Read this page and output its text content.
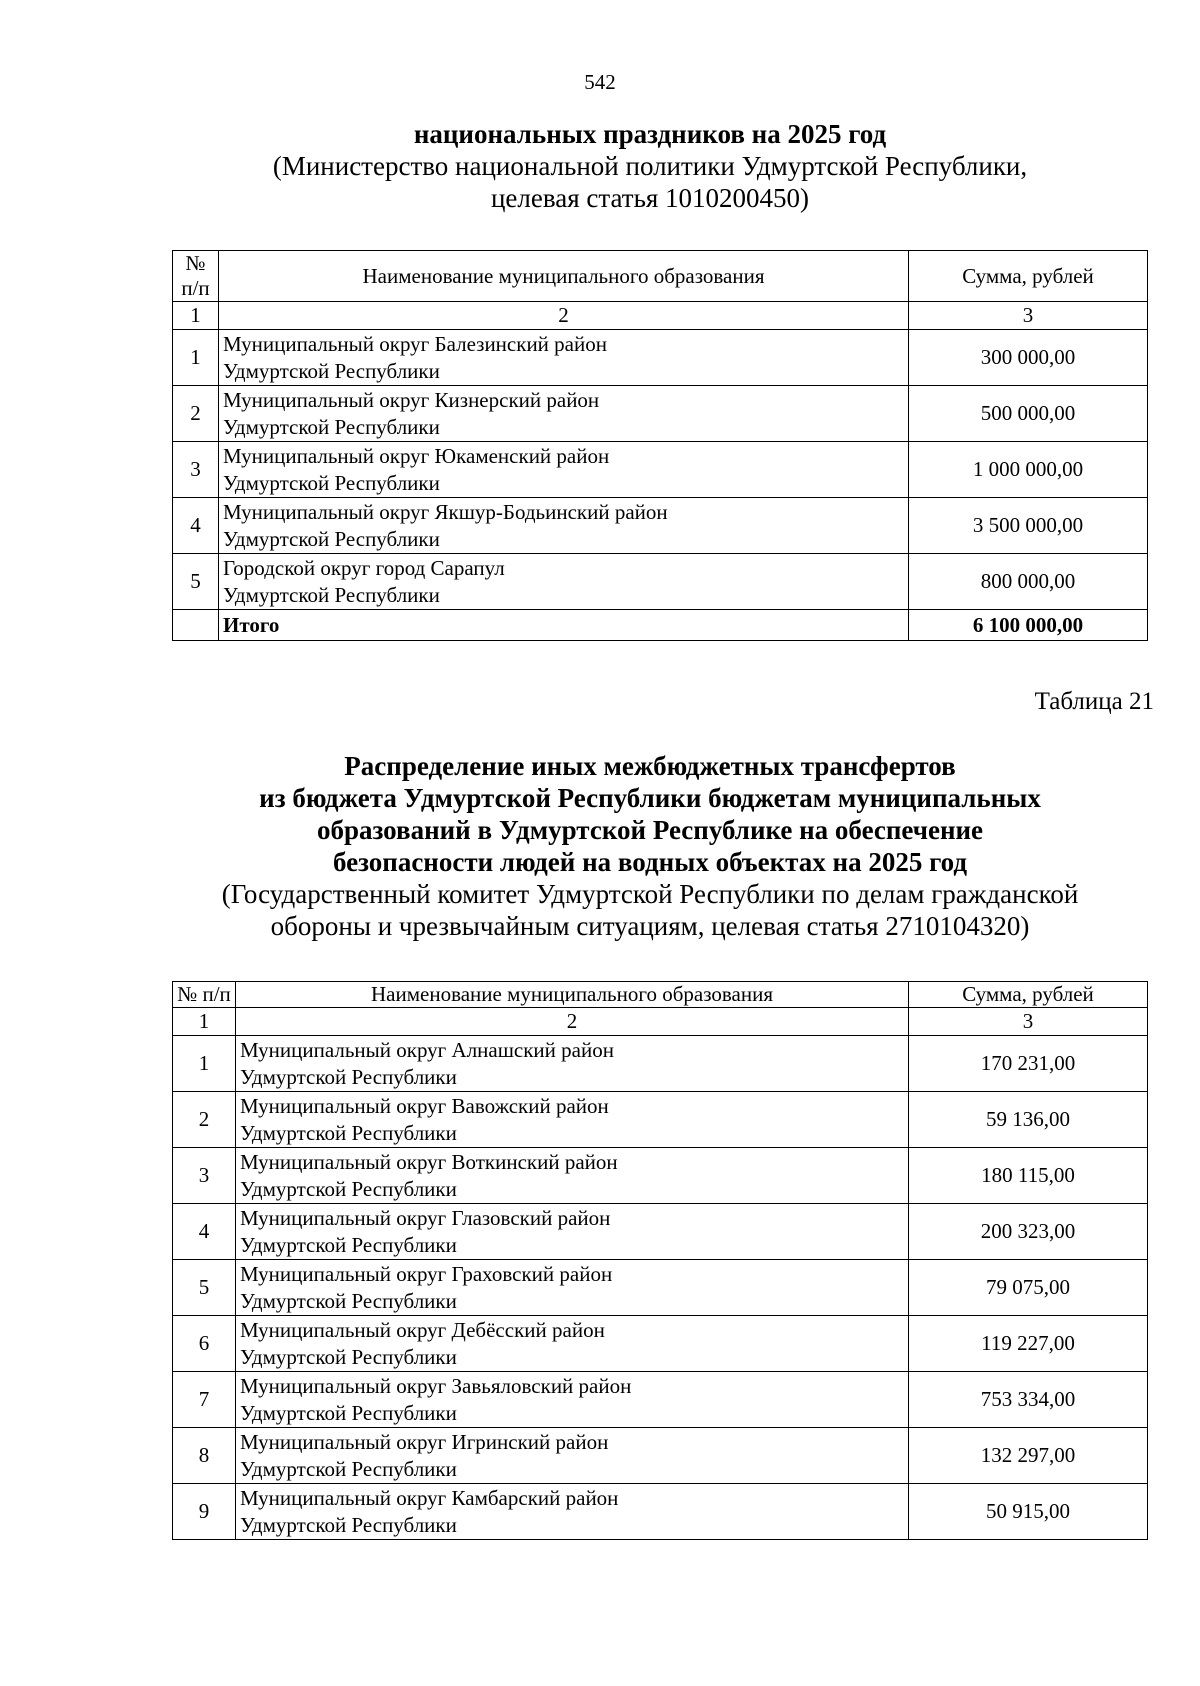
542
национальных праздников на 2025 год
(Министерство национальной политики Удмуртской Республики,
целевая статья 1010200450)
№ п/п	Наименование муниципального образования	Сумма, рублей
1	2	3
1	Муниципальный округ Балезинский район
Удмуртской Республики	300 000,00
2	Муниципальный округ Кизнерский район
Удмуртской Республики	500 000,00
3	Муниципальный округ Юкаменский район
Удмуртской Республики	1 000 000,00
4	Муниципальный округ Якшур-Бодьинский район
Удмуртской Республики	3 500 000,00
5	Городской округ город Сарапул
Удмуртской Республики	800 000,00
	Итого	6 100 000,00
Таблица 21
Распределение иных межбюджетных трансфертов
из бюджета Удмуртской Республики бюджетам муниципальных
образований в Удмуртской Республике на обеспечение
безопасности людей на водных объектах на 2025 год
(Государственный комитет Удмуртской Республики по делам гражданской
обороны и чрезвычайным ситуациям, целевая статья 2710104320)
№ п/п	Наименование муниципального образования	Сумма, рублей
1	2	3
1	Муниципальный округ Алнашский район
Удмуртской Республики	170 231,00
2	Муниципальный округ Вавожский район
Удмуртской Республики	59 136,00
3	Муниципальный округ Воткинский район
Удмуртской Республики	180 115,00
4	Муниципальный округ Глазовский район
Удмуртской Республики	200 323,00
5	Муниципальный округ Граховский район
Удмуртской Республики	79 075,00
6	Муниципальный округ Дебёсский район
Удмуртской Республики	119 227,00
7	Муниципальный округ Завьяловский район
Удмуртской Республики	753 334,00
8	Муниципальный округ Игринский район
Удмуртской Республики	132 297,00
9	Муниципальный округ Камбарский район
Удмуртской Республики	50 915,00
